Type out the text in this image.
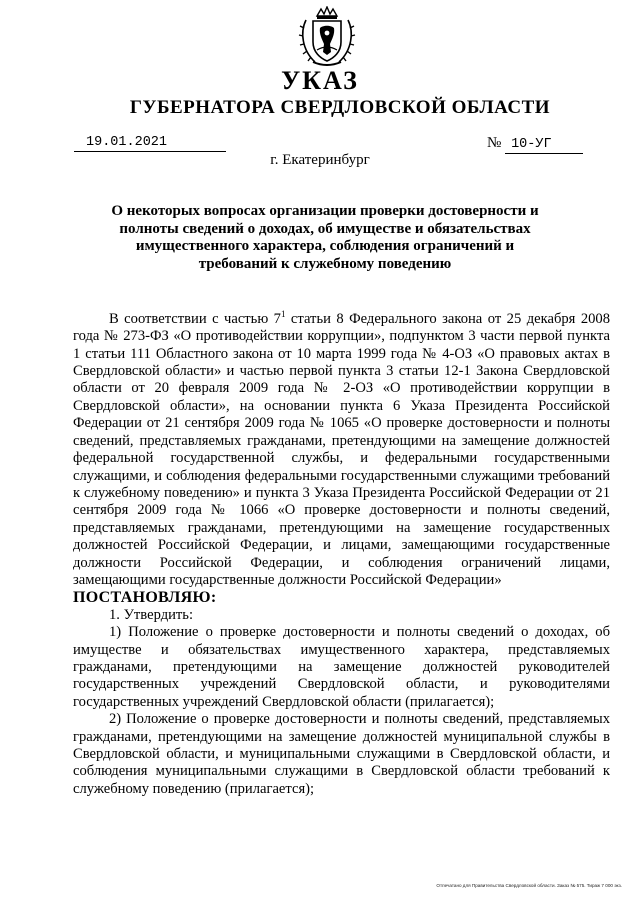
УКАЗ
ГУБЕРНАТОРА СВЕРДЛОВСКОЙ ОБЛАСТИ
19.01.2021	№ 10-УГ
г. Екатеринбург
О некоторых вопросах организации проверки достоверности и полноты сведений о доходах, об имуществе и обязательствах имущественного характера, соблюдения ограничений и требований к служебному поведению

В соответствии с частью $7^1$ статьи 8 Федерального закона от 25 декабря 2008 года № 273-ФЗ «О противодействии коррупции», подпунктом 3 части первой пункта 1 статьи 111 Областного закона от 10 марта 1999 года № 4-ОЗ «О правовых актах в Свердловской области» и частью первой пункта 3 статьи 12-1 Закона Свердловской области от 20 февраля 2009 года № 2-ОЗ «О противодействии коррупции в Свердловской области», на основании пункта 6 Указа Президента Российской Федерации от 21 сентября 2009 года № 1065 «О проверке достоверности и полноты сведений, представляемых гражданами, претендующими на замещение должностей федеральной государственной службы, и федеральными государственными служащими, и соблюдения федеральными государственными служащими требований к служебному поведению» и пункта 3 Указа Президента Российской Федерации от 21 сентября 2009 года № 1066 «О проверке достоверности и полноты сведений, представляемых гражданами, претендующими на замещение государственных должностей Российской Федерации, и лицами, замещающими государственные должности Российской Федерации, и соблюдения ограничений лицами, замещающими государственные должности Российской Федерации»

ПОСТАНОВЛЯЮ:

1. Утвердить:

1) Положение о проверке достоверности и полноты сведений о доходах, об имуществе и обязательствах имущественного характера, представляемых гражданами, претендующими на замещение должностей руководителей государственных учреждений Свердловской области, и руководителями государственных учреждений Свердловской области (прилагается);

2) Положение о проверке достоверности и полноты сведений, представляемых гражданами, претендующими на замещение должностей муниципальной службы в Свердловской области, и муниципальными служащими в Свердловской области, и соблюдения муниципальными служащими в Свердловской области требований к служебному поведению (прилагается);

Отпечатано для Правительства Свердловской области. Заказ № 575. Тираж 7 000 экз.
